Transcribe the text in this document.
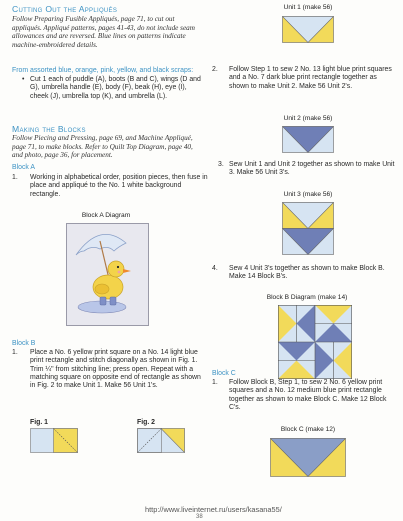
Cutting Out the Appliqués
Follow Preparing Fusible Appliqués, page 71, to cut out appliqués. Appliqué patterns, pages 41-43, do not include seam allowances and are reversed. Blue lines on patterns indicate machine-embroidered details.
From assorted blue, orange, pink, yellow, and black scraps:
• Cut 1 each of puddle (A), boots (B and C), wings (D and G), umbrella handle (E), body (F), beak (H), eye (I), cheek (J), umbrella top (K), and umbrella (L).
Making the Blocks
Follow Piecing and Pressing, page 69, and Machine Appliqué, page 71, to make blocks. Refer to Quilt Top Diagram, page 40, and photo, page 36, for placement.
Block A
1. Working in alphabetical order, position pieces, then fuse in place and appliqué to the No. 1 white background rectangle.
Block A Diagram
Block B
1. Place a No. 6 yellow print square on a No. 14 light blue print rectangle and stitch diagonally as shown in Fig. 1. Trim ¼" from stitching line; press open. Repeat with a matching square on opposite end of rectangle as shown in Fig. 2 to make Unit 1. Make 56 Unit 1's.
Fig. 1	Fig. 2
Unit 1 (make 56)
2. Follow Step 1 to sew 2 No. 13 light blue print squares and a No. 7 dark blue print rectangle together as shown to make Unit 2. Make 56 Unit 2's.
Unit 2 (make 56)
3. Sew Unit 1 and Unit 2 together as shown to make Unit 3. Make 56 Unit 3's.
Unit 3 (make 56)
4. Sew 4 Unit 3's together as shown to make Block B. Make 14 Block B's.
Block B Diagram (make 14)
Block C
1. Follow Block B, Step 1, to sew 2 No. 6 yellow print squares and a No. 12 medium blue print rectangle together as shown to make Block C. Make 12 Block C's.
Block C (make 12)
http://www.liveinternet.ru/users/kasana55/
38
